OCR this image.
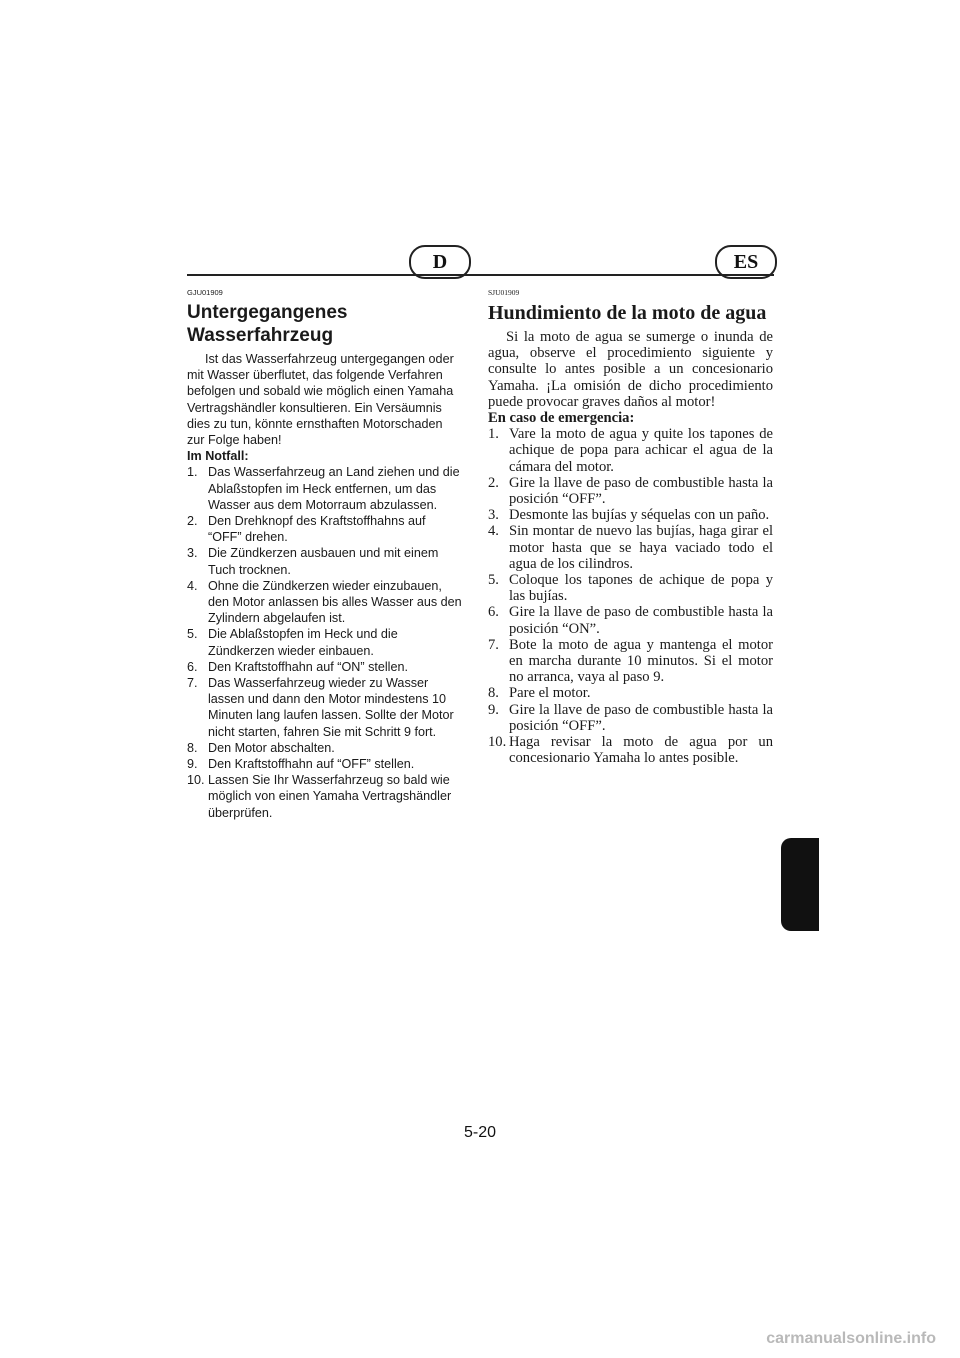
D	ES
GJU01909
Untergegangenes Wasserfahrzeug

Ist das Wasserfahrzeug untergegangen oder mit Wasser überflutet, das folgende Verfahren befolgen und sobald wie möglich einen Yamaha Vertragshändler konsultieren. Ein Versäumnis dies zu tun, könnte ernsthaften Motorschaden zur Folge haben!

Im Notfall:
1. Das Wasserfahrzeug an Land ziehen und die Ablaßstopfen im Heck entfernen, um das Wasser aus dem Motorraum abzulassen.
2. Den Drehknopf des Kraftstoffhahns auf “OFF” drehen.
3. Die Zündkerzen ausbauen und mit einem Tuch trocknen.
4. Ohne die Zündkerzen wieder einzubauen, den Motor anlassen bis alles Wasser aus den Zylindern abgelaufen ist.
5. Die Ablaßstopfen im Heck und die Zündkerzen wieder einbauen.
6. Den Kraftstoffhahn auf “ON” stellen.
7. Das Wasserfahrzeug wieder zu Wasser lassen und dann den Motor mindestens 10 Minuten lang laufen lassen. Sollte der Motor nicht starten, fahren Sie mit Schritt 9 fort.
8. Den Motor abschalten.
9. Den Kraftstoffhahn auf “OFF” stellen.
10. Lassen Sie Ihr Wasserfahrzeug so bald wie möglich von einen Yamaha Vertragshändler überprüfen.
SJU01909
Hundimiento de la moto de agua

Si la moto de agua se sumerge o inunda de agua, observe el procedimiento siguiente y consulte lo antes posible a un concesionario Yamaha. ¡La omisión de dicho procedimiento puede provocar graves daños al motor!

En caso de emergencia:
1. Vare la moto de agua y quite los tapones de achique de popa para achicar el agua de la cámara del motor.
2. Gire la llave de paso de combustible hasta la posición “OFF”.
3. Desmonte las bujías y séquelas con un paño.
4. Sin montar de nuevo las bujías, haga girar el motor hasta que se haya vaciado todo el agua de los cilindros.
5. Coloque los tapones de achique de popa y las bujías.
6. Gire la llave de paso de combustible hasta la posición “ON”.
7. Bote la moto de agua y mantenga el motor en marcha durante 10 minutos. Si el motor no arranca, vaya al paso 9.
8. Pare el motor.
9. Gire la llave de paso de combustible hasta la posición “OFF”.
10. Haga revisar la moto de agua por un concesionario Yamaha lo antes posible.
5-20
carmanualsonline.info
